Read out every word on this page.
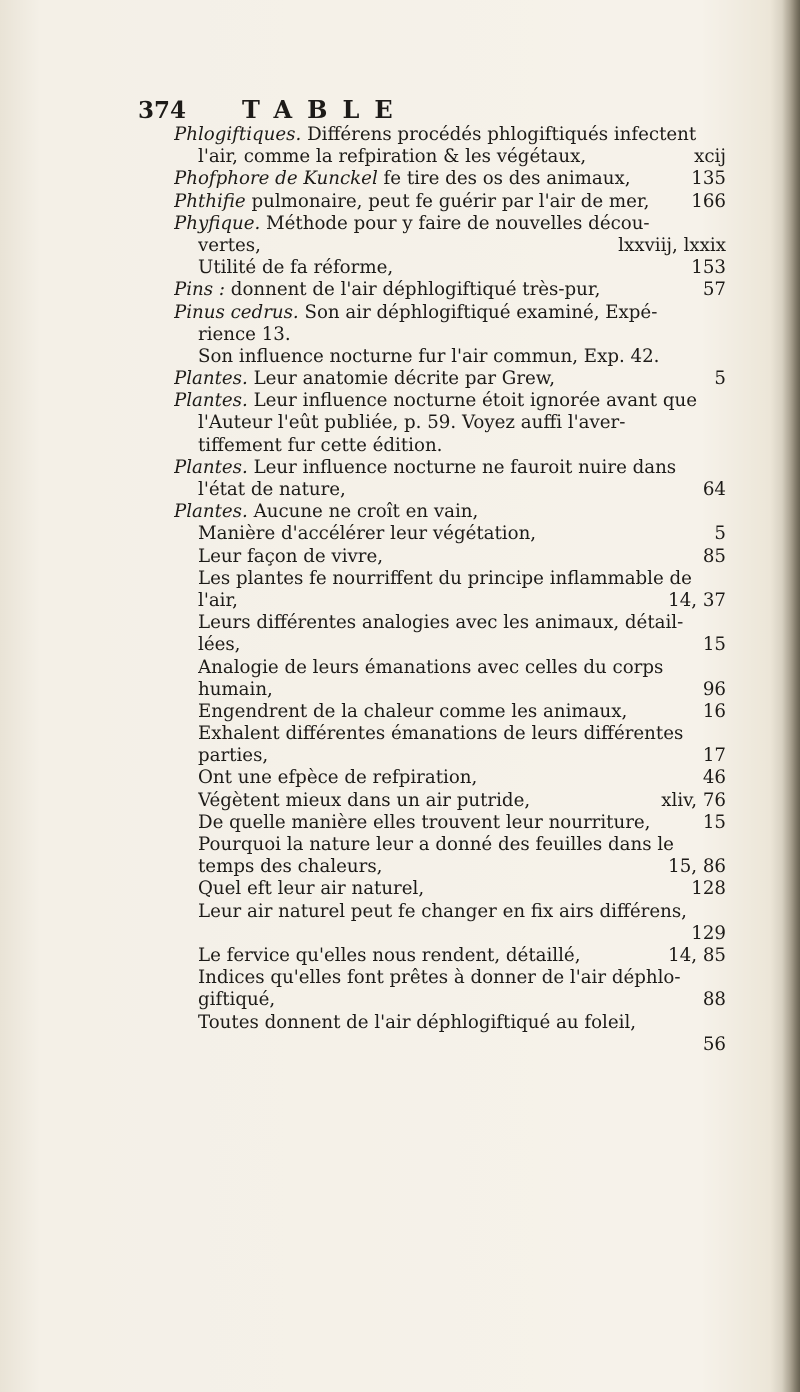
374 TABLE
Phlogiftiques. Différens procédés phlogiftiqués infectent
l'air, comme la refpiration & les végétaux,	xcij
Phofphore de Kunckel fe tire des os des animaux,	135
Phthifie pulmonaire, peut fe guérir par l'air de mer,	166
Phyfique. Méthode pour y faire de nouvelles décou-
vertes,	lxxviij, lxxix
Utilité de fa réforme,	153
Pins : donnent de l'air déphlogiftiqué très-pur,	57
Pinus cedrus. Son air déphlogiftiqué examiné, Expé-
rience 13.
Son influence nocturne fur l'air commun, Exp. 42.
Plantes. Leur anatomie décrite par Grew,	5
Plantes. Leur influence nocturne étoit ignorée avant que
l'Auteur l'eût publiée, p. 59. Voyez auffi l'aver-
tiffement fur cette édition.
Plantes. Leur influence nocturne ne fauroit nuire dans
l'état de nature,	64
Plantes. Aucune ne croît en vain,
Manière d'accélérer leur végétation,	5
Leur façon de vivre,	85
Les plantes fe nourriffent du principe inflammable de
l'air,	14, 37
Leurs différentes analogies avec les animaux, détail-
lées,	15
Analogie de leurs émanations avec celles du corps
humain,	96
Engendrent de la chaleur comme les animaux,	16
Exhalent différentes émanations de leurs différentes
parties,	17
Ont une efpèce de refpiration,	46
Végètent mieux dans un air putride,	xliv, 76
De quelle manière elles trouvent leur nourriture,	15
Pourquoi la nature leur a donné des feuilles dans le
temps des chaleurs,	15, 86
Quel eft leur air naturel,	128
Leur air naturel peut fe changer en fix airs différens,
129
Le fervice qu'elles nous rendent, détaillé,	14, 85
Indices qu'elles font prêtes à donner de l'air déphlo-
giftiqué,	88
Toutes donnent de l'air déphlogiftiqué au foleil,
56
